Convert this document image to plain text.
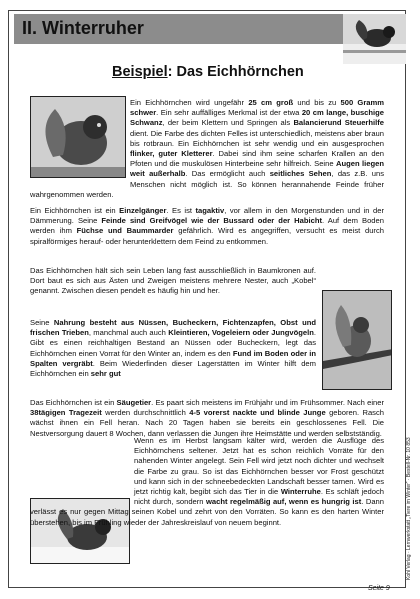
II. Winterruher
Beispiel: Das Eichhörnchen

Ein Eichhörnchen wird ungefähr 25 cm groß und bis zu 500 Gramm schwer. Ein sehr auffälliges Merkmal ist der etwa 20 cm lange, buschige Schwanz, der beim Klettern und Springen als Balancierund Steuerhilfe dient. Die Farbe des dichten Felles ist unterschiedlich, meistens aber braun bis rotbraun. Ein Eichhörnchen ist sehr wendig und ein ausgesprochen flinker, guter Kletterer. Dabei sind ihm seine scharfen Krallen an den Pfoten und die muskulösen Hinterbeine sehr hilfreich. Seine Augen liegen weit außerhalb. Das ermöglicht auch seitliches Sehen, das z.B. uns Menschen nicht möglich ist. So können herannahende Feinde früher wahrgenommen werden.

Ein Eichhörnchen ist ein Einzelgänger. Es ist tagaktiv, vor allem in den Morgenstunden und in der Dämmerung. Seine Feinde sind Greifvögel wie der Bussard oder der Habicht. Auf dem Boden werden ihm Füchse und Baummarder gefährlich. Wird es angegriffen, versucht es meist durch spiralförmiges herauf- oder herunterklettern dem Feind zu entkommen.

Das Eichhörnchen hält sich sein Leben lang fast ausschließlich in Baumkronen auf. Dort baut es sich aus Ästen und Zweigen meistens mehrere Nester, auch „Kobel“ genannt. Zwischen diesen pendelt es häufig hin und her.

Seine Nahrung besteht aus Nüssen, Bucheckern, Fichtenzapfen, Obst und frischen Trieben, manchmal auch auch Kleintieren, Vogeleiern oder Jungvögeln. Gibt es einen reichhaltigen Bestand an Nüssen oder Bucheckern, legt das Eichhörnchen einen Vorrat für den Winter an, indem es den Fund im Boden oder in Spalten vergräbt. Beim Wiederfinden dieser Lagerstätten im Winter hilft dem Eichhörnchen ein sehr gut

Das Eichhörnchen ist ein Säugetier. Es paart sich meistens im Frühjahr und im Frühsommer. Nach einer 38tägigen Tragezeit werden durchschnittlich 4-5 vorerst nackte und blinde Junge geboren. Rasch wächst ihnen ein Fell heran. Nach 20 Tagen haben sie bereits ein geschlossenes Fell. Die Nestversorgung dauert 8 Wochen, dann verlassen die Jungen ihre Heimstätte und werden selbstständig.

Wenn es im Herbst langsam kälter wird, werden die Ausflüge des Eichhörnchens seltener. Jetzt hat es schon reichlich Vorräte für den nahenden Winter angelegt. Sein Fell wird jetzt noch dichter und wechselt die Farbe zu grau. So ist das Eichhörnchen besser vor Frost geschützt und kann sich in der schneebedeckten Landschaft besser tarnen. Wird es jetzt richtig kalt, begibt sich das Tier in die Winterruhe. Es schläft jedoch nicht durch, sondern wacht regelmäßig auf, wenn es hungrig ist. Dann verlässt es nur gegen Mittag seinen Kobel und zehrt von den Vorräten. So kann es den harten Winter überstehen, bis im Frühling wieder der Jahreskreislauf von neuem beginnt.

Kohl Verlag · Lernwerkstatt „Tiere im Winter“ · Bestell-Nr. 10 853
Seite 9
